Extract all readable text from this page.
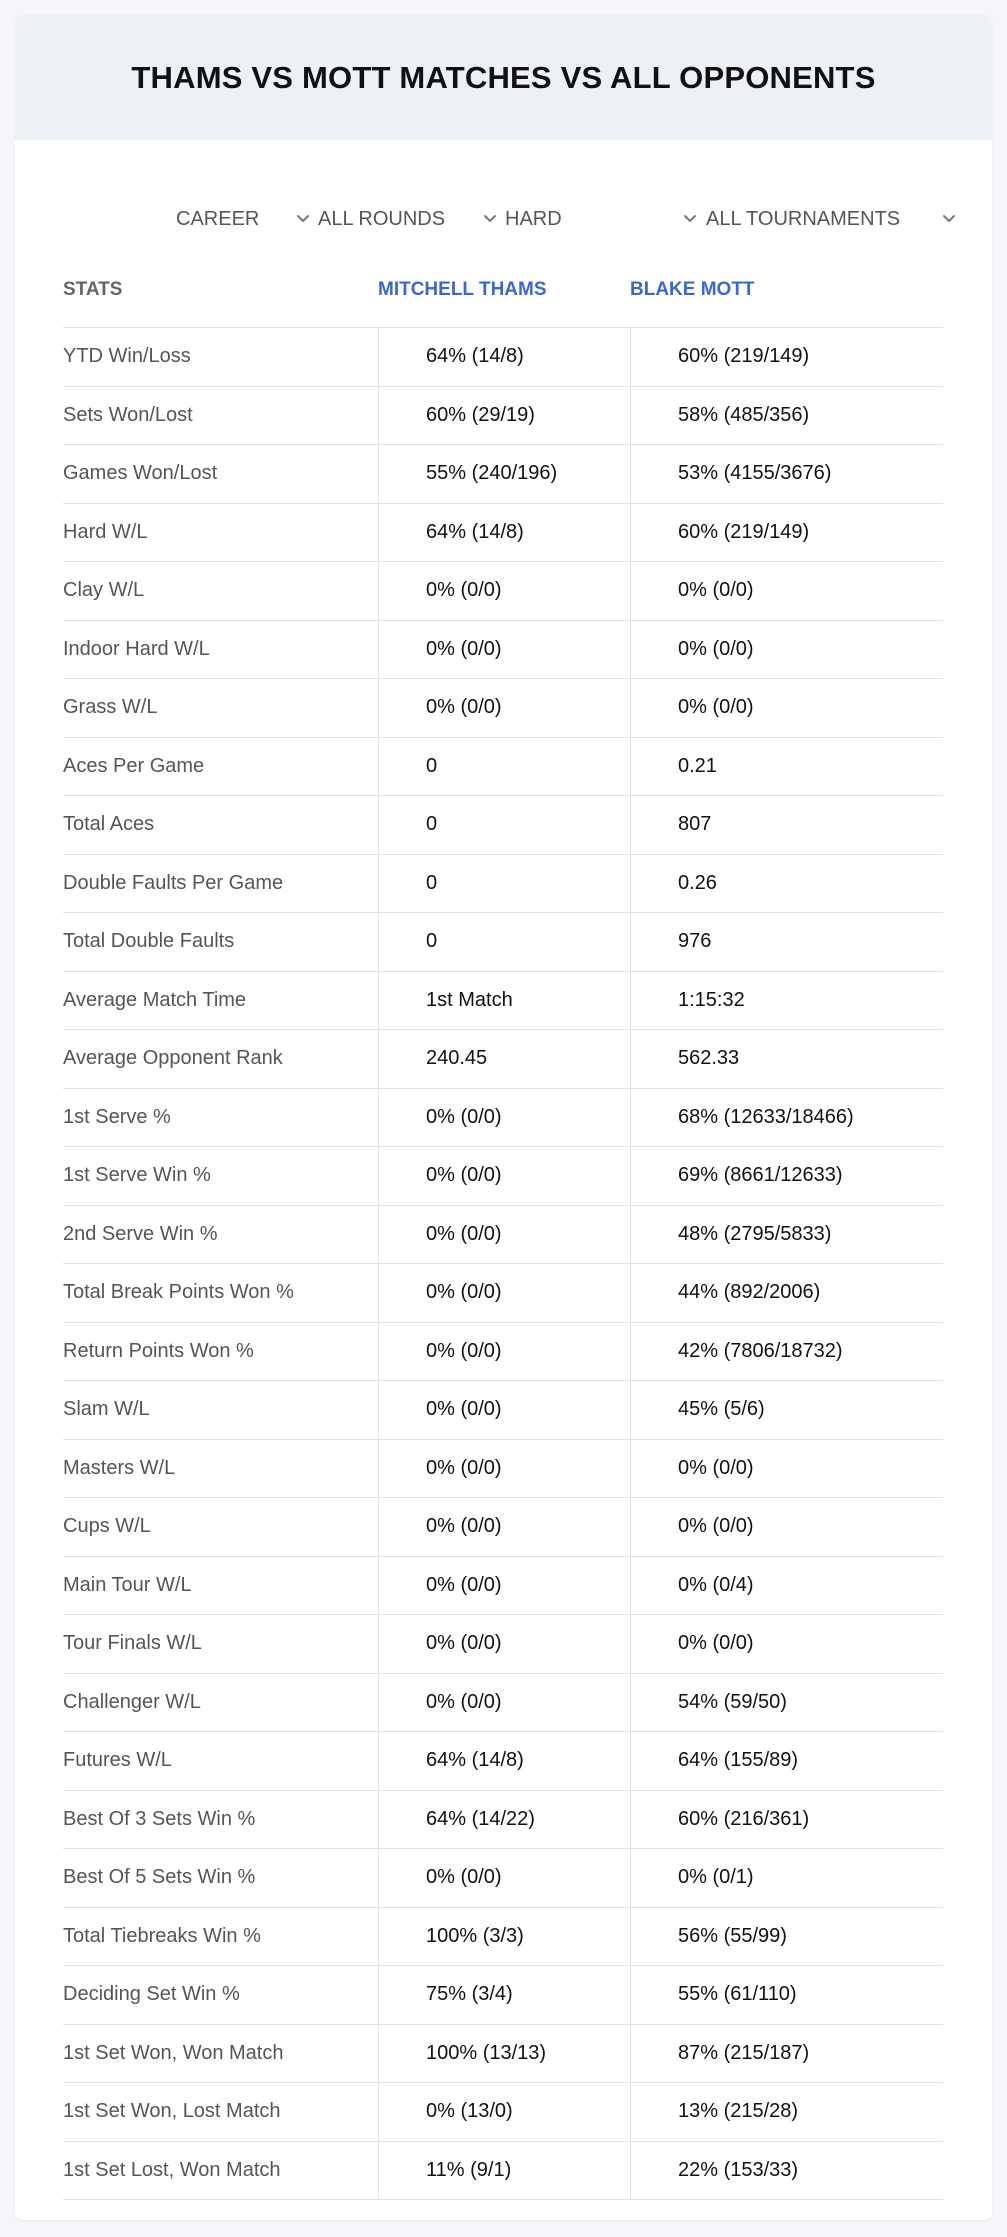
THAMS VS MOTT MATCHES VS ALL OPPONENTS
CAREER	ALL ROUNDS	HARD	ALL TOURNAMENTS
STATS	MITCHELL THAMS	BLAKE MOTT
YTD Win/Loss	64% (14/8)	60% (219/149)
Sets Won/Lost	60% (29/19)	58% (485/356)
Games Won/Lost	55% (240/196)	53% (4155/3676)
Hard W/L	64% (14/8)	60% (219/149)
Clay W/L	0% (0/0)	0% (0/0)
Indoor Hard W/L	0% (0/0)	0% (0/0)
Grass W/L	0% (0/0)	0% (0/0)
Aces Per Game	0	0.21
Total Aces	0	807
Double Faults Per Game	0	0.26
Total Double Faults	0	976
Average Match Time	1st Match	1:15:32
Average Opponent Rank	240.45	562.33
1st Serve %	0% (0/0)	68% (12633/18466)
1st Serve Win %	0% (0/0)	69% (8661/12633)
2nd Serve Win %	0% (0/0)	48% (2795/5833)
Total Break Points Won %	0% (0/0)	44% (892/2006)
Return Points Won %	0% (0/0)	42% (7806/18732)
Slam W/L	0% (0/0)	45% (5/6)
Masters W/L	0% (0/0)	0% (0/0)
Cups W/L	0% (0/0)	0% (0/0)
Main Tour W/L	0% (0/0)	0% (0/4)
Tour Finals W/L	0% (0/0)	0% (0/0)
Challenger W/L	0% (0/0)	54% (59/50)
Futures W/L	64% (14/8)	64% (155/89)
Best Of 3 Sets Win %	64% (14/22)	60% (216/361)
Best Of 5 Sets Win %	0% (0/0)	0% (0/1)
Total Tiebreaks Win %	100% (3/3)	56% (55/99)
Deciding Set Win %	75% (3/4)	55% (61/110)
1st Set Won, Won Match	100% (13/13)	87% (215/187)
1st Set Won, Lost Match	0% (13/0)	13% (215/28)
1st Set Lost, Won Match	11% (9/1)	22% (153/33)
